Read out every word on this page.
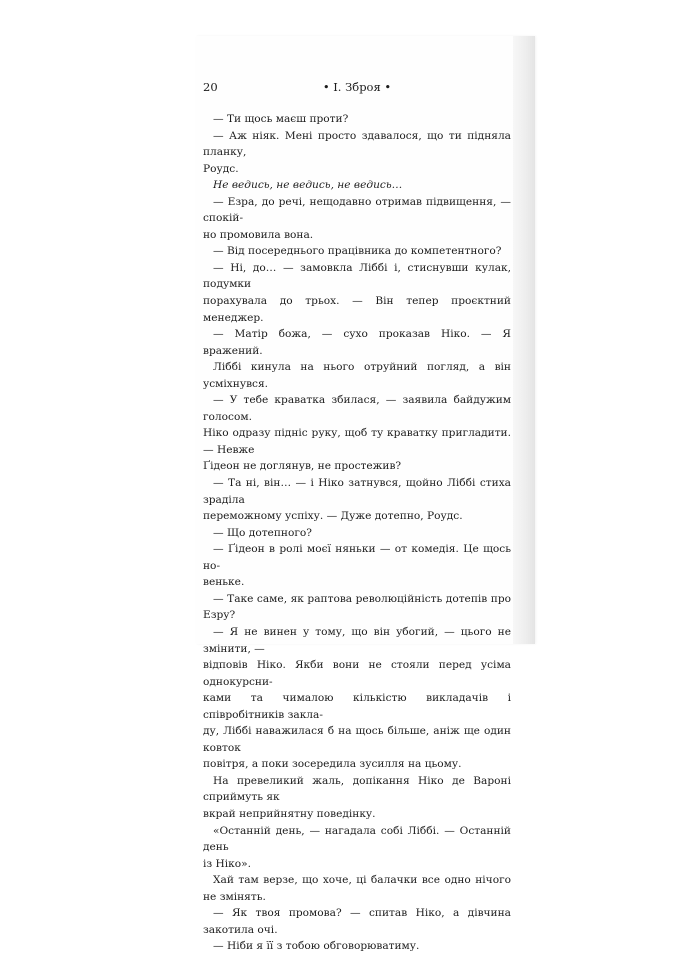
20	• І. Зброя •

— Ти щось маєш проти?

— Аж ніяк. Мені просто здавалося, що ти підняла планку,
Роудс.

Не ведись, не ведись, не ведись…

— Езра, до речі, нещодавно отримав підвищення, — спокій-
но промовила вона.

— Від посереднього працівника до компетентного?

— Ні, до… — замовкла Ліббі і, стиснувши кулак, подумки
порахувала до трьох. — Він тепер проєктний менеджер.

— Матір божа, — сухо проказав Ніко. — Я вражений.

Ліббі кинула на нього отруйний погляд, а він усміхнувся.

— У тебе краватка збилася, — заявила байдужим голосом.
Ніко одразу підніс руку, щоб ту краватку пригладити. — Невже
Ґідеон не доглянув, не простежив?

— Та ні, він… — і Ніко затнувся, щойно Ліббі стиха зраділа
переможному успіху. — Дуже дотепно, Роудс.

— Що дотепного?

— Ґідеон в ролі моєї няньки — от комедія. Це щось но-
веньке.

— Таке саме, як раптова революційність дотепів про Езру?

— Я не винен у тому, що він убогий, — цього не змінити, —
відповів Ніко. Якби вони не стояли перед усіма однокурсни-
ками та чималою кількістю викладачів і співробітників закла-
ду, Ліббі наважилася б на щось більше, аніж ще один ковток
повітря, а поки зосередила зусилля на цьому.

На превеликий жаль, допікання Ніко де Вароні сприймуть як
вкрай неприйнятну поведінку.

«Останній день, — нагадала собі Ліббі. — Останній день
із Ніко».

Хай там верзе, що хоче, ці балачки все одно нічого не змінять.

— Як твоя промова? — спитав Ніко, а дівчина закотила очі.

— Ніби я її з тобою обговорюватиму.
